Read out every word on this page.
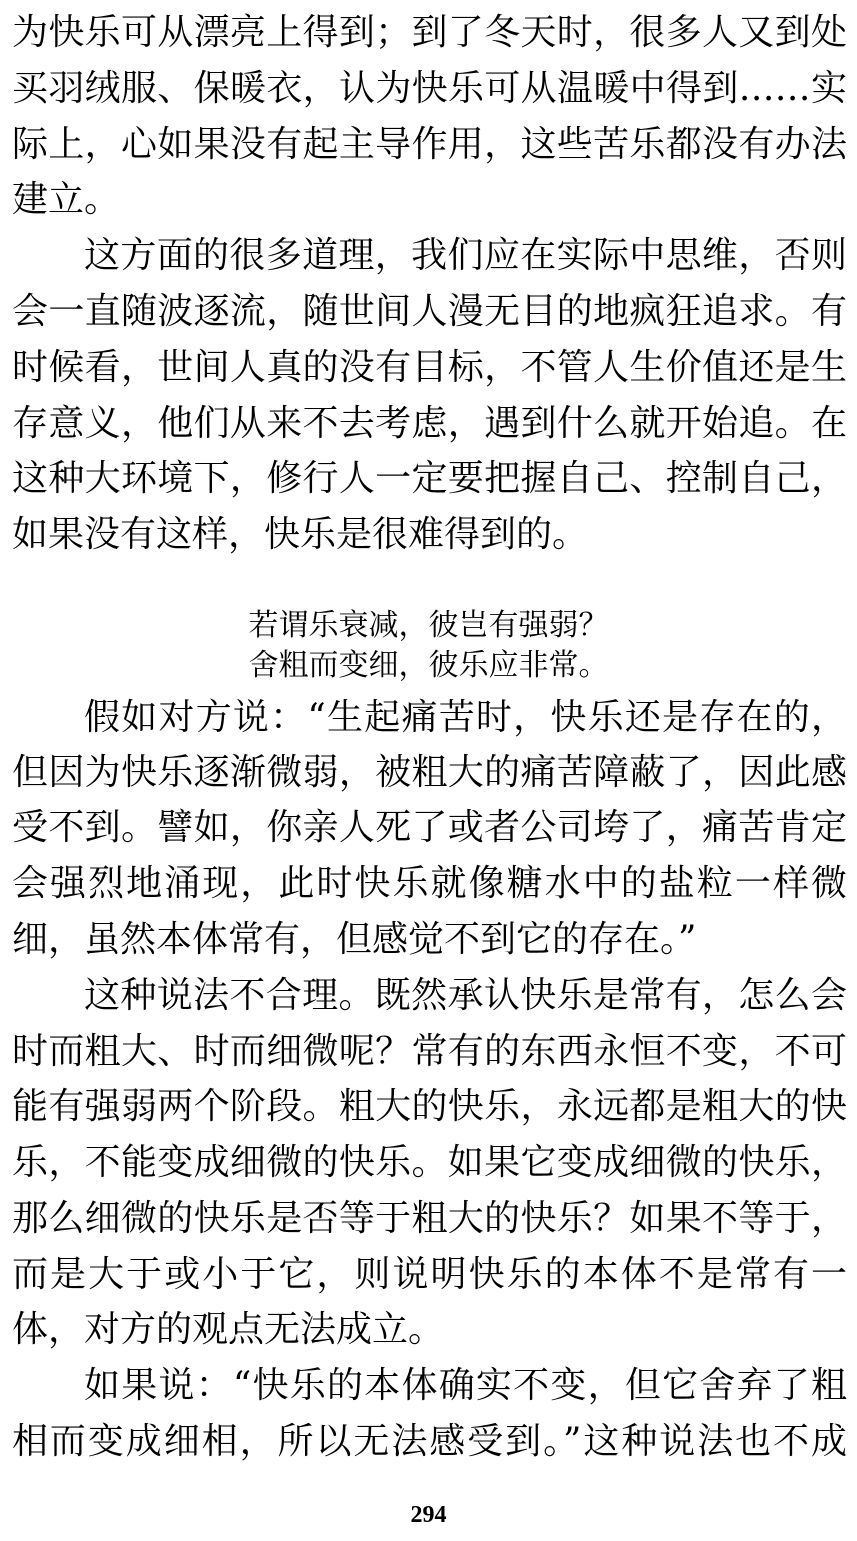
为快乐可从漂亮上得到；到了冬天时，很多人又到处
买羽绒服、保暖衣，认为快乐可从温暖中得到……实
际上，心如果没有起主导作用，这些苦乐都没有办法
建立。
这方面的很多道理，我们应在实际中思维，否则
会一直随波逐流，随世间人漫无目的地疯狂追求。有
时候看，世间人真的没有目标，不管人生价值还是生
存意义，他们从来不去考虑，遇到什么就开始追。在
这种大环境下，修行人一定要把握自己、控制自己，
如果没有这样，快乐是很难得到的。
若谓乐衰减，彼岂有强弱？
舍粗而变细，彼乐应非常。
假如对方说：“生起痛苦时，快乐还是存在的，
但因为快乐逐渐微弱，被粗大的痛苦障蔽了，因此感
受不到。譬如，你亲人死了或者公司垮了，痛苦肯定
会强烈地涌现，此时快乐就像糖水中的盐粒一样微
细，虽然本体常有，但感觉不到它的存在。”
这种说法不合理。既然承认快乐是常有，怎么会
时而粗大、时而细微呢？常有的东西永恒不变，不可
能有强弱两个阶段。粗大的快乐，永远都是粗大的快
乐，不能变成细微的快乐。如果它变成细微的快乐，
那么细微的快乐是否等于粗大的快乐？如果不等于，
而是大于或小于它，则说明快乐的本体不是常有一
体，对方的观点无法成立。
如果说：“快乐的本体确实不变，但它舍弃了粗
相而变成细相，所以无法感受到。”这种说法也不成
294
